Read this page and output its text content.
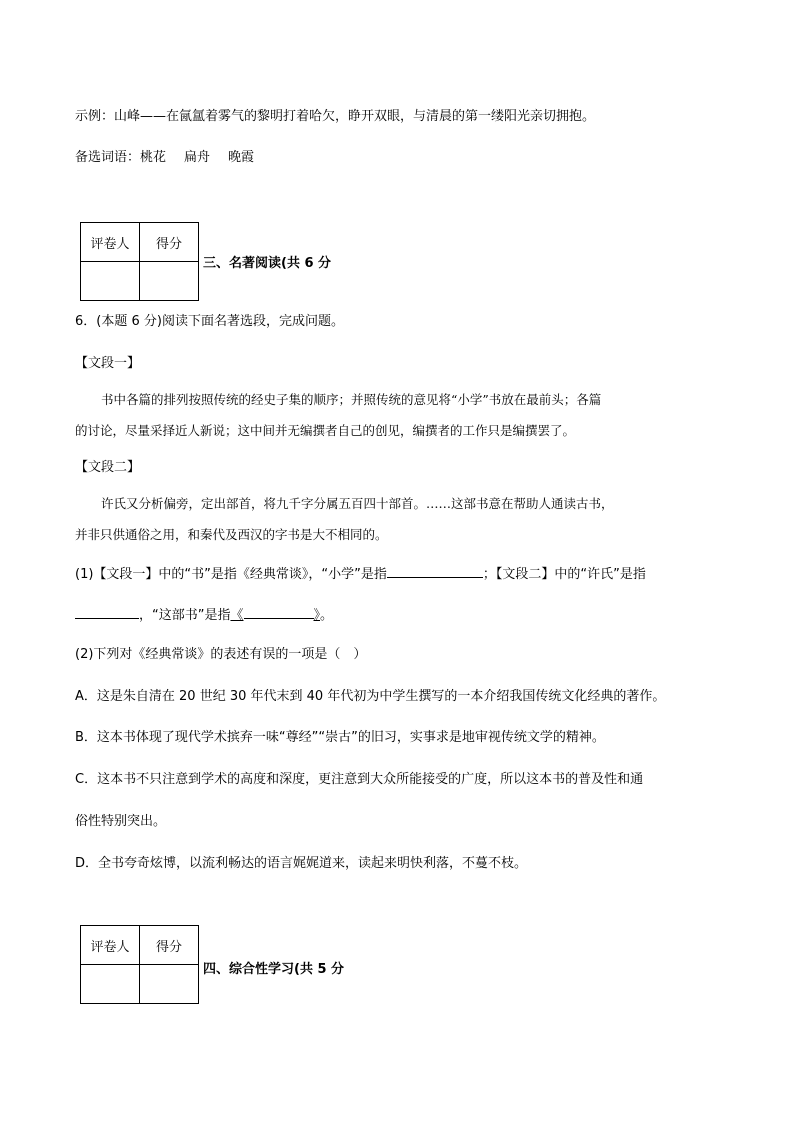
示例：山峰——在氤氲着雾气的黎明打着哈欠，睁开双眼，与清晨的第一缕阳光亲切拥抱。
备选词语：桃花 扁舟 晚霞
评卷人	得分

三、名著阅读(共 6 分
6．(本题 6 分)阅读下面名著选段，完成问题。
【文段一】
书中各篇的排列按照传统的经史子集的顺序；并照传统的意见将“小学”书放在最前头；各篇
的讨论，尽量采择近人新说；这中间并无编撰者自己的创见，编撰者的工作只是编撰罢了。
【文段二】
许氏又分析偏旁，定出部首，将九千字分属五百四十部首。……这部书意在帮助人通读古书，
并非只供通俗之用，和秦代及西汉的字书是大不相同的。
(1)【文段一】中的“书”是指《经典常谈》，“小学”是指	；【文段二】中的“许氏”是指
，“这部书”是指《	》。
(2)下列对《经典常谈》的表述有误的一项是（　）
A．这是朱自清在 20 世纪 30 年代末到 40 年代初为中学生撰写的一本介绍我国传统文化经典的著作。
B．这本书体现了现代学术摈弃一味“尊经”“崇古”的旧习，实事求是地审视传统文学的精神。
C．这本书不只注意到学术的高度和深度，更注意到大众所能接受的广度，所以这本书的普及性和通
俗性特别突出。
D．全书夸奇炫博，以流利畅达的语言娓娓道来，读起来明快利落，不蔓不枝。
评卷人	得分

四、综合性学习(共 5 分
